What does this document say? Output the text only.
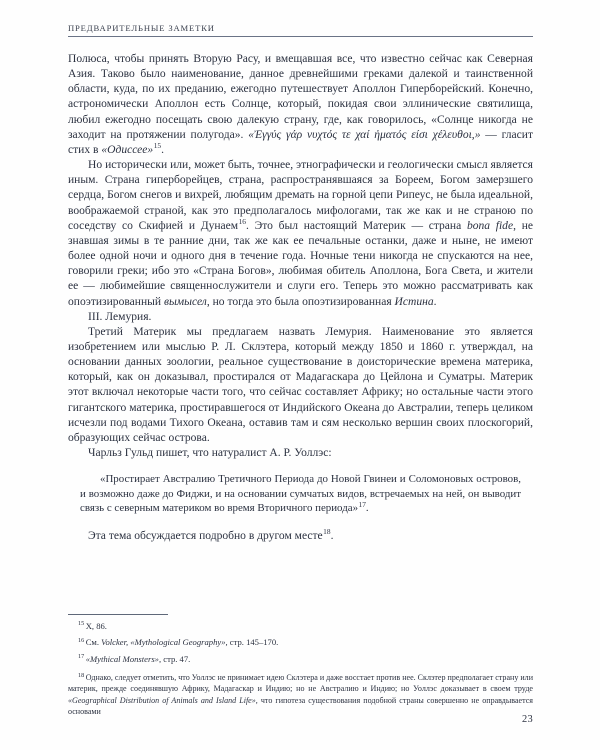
ПРЕДВАРИТЕЛЬНЫЕ ЗАМЕТКИ

Полюса, чтобы принять Вторую Расу, и вмещавшая все, что известно сейчас как Северная Азия. Таково было наименование, данное древнейшими греками далекой и таинственной области, куда, по их преданию, ежегодно путешествует Аполлон Гиперборейский. Конечно, астрономически Аполлон есть Солнце, который, покидая свои эллинические святилища, любил ежегодно посещать свою далекую страну, где, как говорилось, «Солнце никогда не заходит на протяжении полугода». «Ἐγγύς γάρ νυχτός τε χαί ἡματός είσι χέλευθοι,» — гласит стих в «Одиссее»$^{15}$.

Но исторически или, может быть, точнее, этнографически и геологически смысл является иным. Страна гиперборейцев, страна, распространявшаяся за Бореем, Богом замерзшего сердца, Богом снегов и вихрей, любящим дремать на горной цепи Рипеус, не была идеальной, воображаемой страной, как это предполагалось мифологами, так же как и не страною по соседству со Скифией и Дунаем$^{16}$. Это был настоящий Материк — страна bona fide, не знавшая зимы в те ранние дни, так же как ее печальные останки, даже и ныне, не имеют более одной ночи и одного дня в течение года. Ночные тени никогда не спускаются на нее, говорили греки; ибо это «Страна Богов», любимая обитель Аполлона, Бога Света, и жители ее — любимейшие священнослужители и слуги его. Теперь это можно рассматривать как опоэтизированный вымысел, но тогда это была опоэтизированная Истина.

III. Лемурия.

Третий Материк мы предлагаем назвать Лемурия. Наименование это является изобретением или мыслью Р. Л. Склэтера, который между 1850 и 1860 г. утверждал, на основании данных зоологии, реальное существование в доисторические времена материка, который, как он доказывал, простирался от Мадагаскара до Цейлона и Суматры. Материк этот включал некоторые части того, что сейчас составляет Африку; но остальные части этого гигантского материка, простиравшегося от Индийского Океана до Австралии, теперь целиком исчезли под водами Тихого Океана, оставив там и сям несколько вершин своих плоскогорий, образующих сейчас острова.

Чарльз Гульд пишет, что натуралист А. Р. Уоллэс:

«Простирает Австралию Третичного Периода до Новой Гвинеи и Соломоновых островов, и возможно даже до Фиджи, и на основании сумчатых видов, встречаемых на ней, он выводит связь с северным материком во время Вторичного периода»$^{17}$.

Эта тема обсуждается подробно в другом месте$^{18}$.

$^{15}$ X, 86.

$^{16}$ См. Volcker, «Mythological Geography», стр. 145–170.

$^{17}$ «Mythical Monsters», стр. 47.

$^{18}$ Однако, следует отметить, что Уоллэс не принимает идею Склэтера и даже восстает против нее. Склэтер предполагает страну или материк, прежде соединявшую Африку, Мадагаскар и Индию; но не Австралию и Индию; но Уоллэс доказывает в своем труде «Geographical Distribution of Animals and Island Life», что гипотеза существования подобной страны совершенно не оправдывается основами

23
